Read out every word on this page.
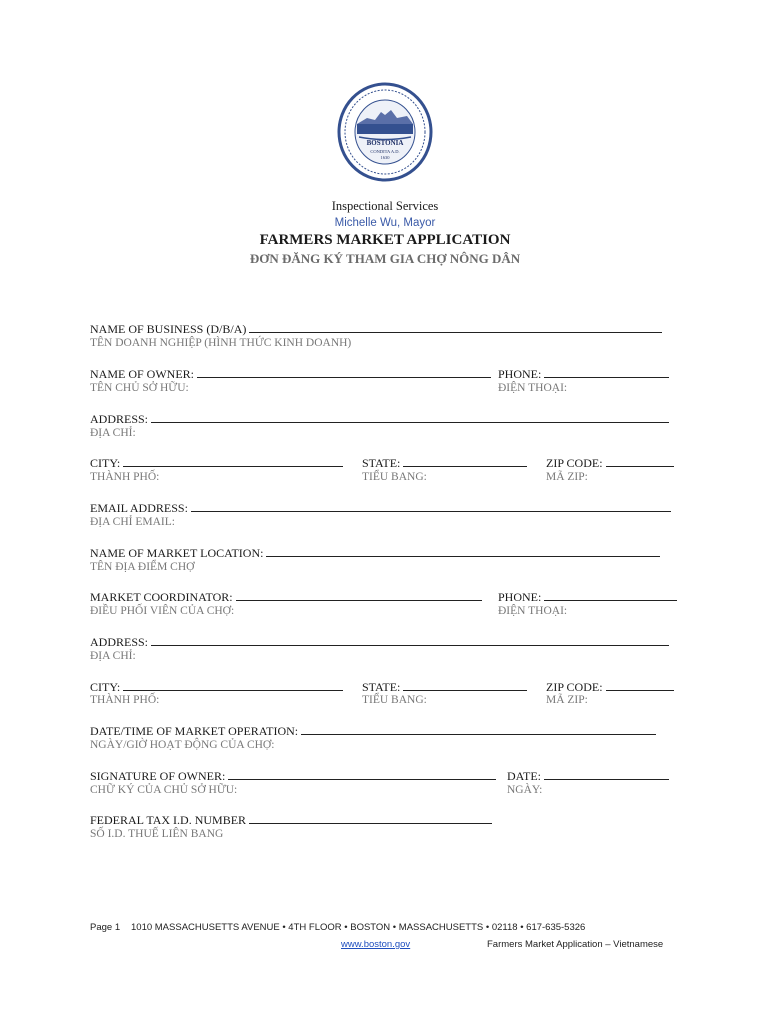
BOSTONIA
CONDITA A.D.
1630
Inspectional Services
Michelle Wu, Mayor
FARMERS MARKET APPLICATION
ĐƠN ĐĂNG KÝ THAM GIA CHỢ NÔNG DÂN
NAME OF BUSINESS (D/B/A)
TÊN DOANH NGHIỆP (HÌNH THỨC KINH DOANH)
NAME OF OWNER:
TÊN CHỦ SỞ HỮU:
PHONE:
ĐIỆN THOẠI:
ADDRESS:
ĐỊA CHỈ:
CITY:
THÀNH PHỐ:
STATE:
TIỂU BANG:
ZIP CODE:
MÃ ZIP:
EMAIL ADDRESS:
ĐỊA CHỈ EMAIL:
NAME OF MARKET LOCATION:
TÊN ĐỊA ĐIỂM CHỢ
MARKET COORDINATOR:
ĐIỀU PHỐI VIÊN CỦA CHỢ:
PHONE:
ĐIỆN THOẠI:
ADDRESS:
ĐỊA CHỈ:
CITY:
THÀNH PHỐ:
STATE:
TIỂU BANG:
ZIP CODE:
MÃ ZIP:
DATE/TIME OF MARKET OPERATION:
NGÀY/GIỜ HOẠT ĐỘNG CỦA CHỢ:
SIGNATURE OF OWNER:
CHỮ KÝ CỦA CHỦ SỞ HỮU:
DATE:
NGÀY:
FEDERAL TAX I.D. NUMBER
SỐ I.D. THUẾ LIÊN BANG
Page 1 1010 MASSACHUSETTS AVENUE • 4TH FLOOR • BOSTON • MASSACHUSETTS • 02118 • 617-635-5326
www.boston.gov	Farmers Market Application – Vietnamese
